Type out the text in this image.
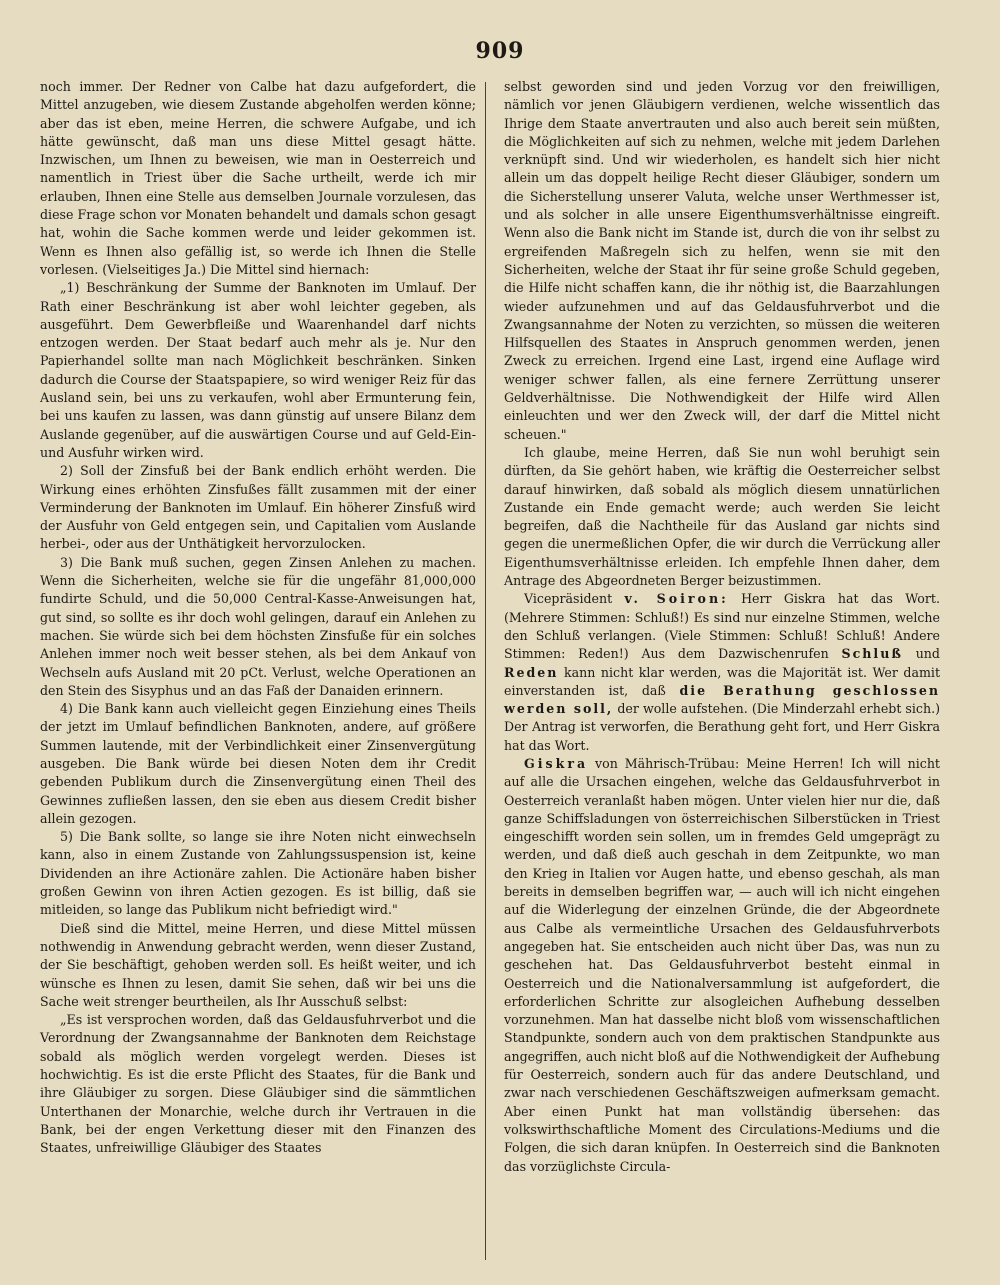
909

noch immer. Der Redner von Calbe hat dazu aufgefordert, die Mittel anzugeben, wie diesem Zustande abgeholfen werden könne; aber das ist eben, meine Herren, die schwere Aufgabe, und ich hätte gewünscht, daß man uns diese Mittel gesagt hätte. Inzwischen, um Ihnen zu beweisen, wie man in Oesterreich und namentlich in Triest über die Sache urtheilt, werde ich mir erlauben, Ihnen eine Stelle aus demselben Journale vorzulesen, das diese Frage schon vor Monaten behandelt und damals schon gesagt hat, wohin die Sache kommen werde und leider gekommen ist. Wenn es Ihnen also gefällig ist, so werde ich Ihnen die Stelle vorlesen. (Vielseitiges Ja.) Die Mittel sind hiernach:

„1) Beschränkung der Summe der Banknoten im Umlauf. Der Rath einer Beschränkung ist aber wohl leichter gegeben, als ausgeführt. Dem Gewerbfleiße und Waarenhandel darf nichts entzogen werden. Der Staat bedarf auch mehr als je. Nur den Papierhandel sollte man nach Möglichkeit beschränken. Sinken dadurch die Course der Staatspapiere, so wird weniger Reiz für das Ausland sein, bei uns zu verkaufen, wohl aber Ermunterung fein, bei uns kaufen zu lassen, was dann günstig auf unsere Bilanz dem Auslande gegenüber, auf die auswärtigen Course und auf Geld-Ein- und Ausfuhr wirken wird.

2) Soll der Zinsfuß bei der Bank endlich erhöht werden. Die Wirkung eines erhöhten Zinsfußes fällt zusammen mit der einer Verminderung der Banknoten im Umlauf. Ein höherer Zinsfuß wird der Ausfuhr von Geld entgegen sein, und Capitalien vom Auslande herbei-, oder aus der Unthätigkeit hervorzulocken.

3) Die Bank muß suchen, gegen Zinsen Anlehen zu machen. Wenn die Sicherheiten, welche sie für die ungefähr 81,000,000 fundirte Schuld, und die 50,000 Central-Kasse-Anweisungen hat, gut sind, so sollte es ihr doch wohl gelingen, darauf ein Anlehen zu machen. Sie würde sich bei dem höchsten Zinsfuße für ein solches Anlehen immer noch weit besser stehen, als bei dem Ankauf von Wechseln aufs Ausland mit 20 pCt. Verlust, welche Operationen an den Stein des Sisyphus und an das Faß der Danaiden erinnern.

4) Die Bank kann auch vielleicht gegen Einziehung eines Theils der jetzt im Umlauf befindlichen Banknoten, andere, auf größere Summen lautende, mit der Verbindlichkeit einer Zinsenvergütung ausgeben. Die Bank würde bei diesen Noten dem ihr Credit gebenden Publikum durch die Zinsenvergütung einen Theil des Gewinnes zufließen lassen, den sie eben aus diesem Credit bisher allein gezogen.

5) Die Bank sollte, so lange sie ihre Noten nicht einwechseln kann, also in einem Zustande von Zahlungssuspension ist, keine Dividenden an ihre Actionäre zahlen. Die Actionäre haben bisher großen Gewinn von ihren Actien gezogen. Es ist billig, daß sie mitleiden, so lange das Publikum nicht befriedigt wird."

Dieß sind die Mittel, meine Herren, und diese Mittel müssen nothwendig in Anwendung gebracht werden, wenn dieser Zustand, der Sie beschäftigt, gehoben werden soll. Es heißt weiter, und ich wünsche es Ihnen zu lesen, damit Sie sehen, daß wir bei uns die Sache weit strenger beurtheilen, als Ihr Ausschuß selbst:

„Es ist versprochen worden, daß das Geldausfuhrverbot und die Verordnung der Zwangsannahme der Banknoten dem Reichstage sobald als möglich werden vorgelegt werden. Dieses ist hochwichtig. Es ist die erste Pflicht des Staates, für die Bank und ihre Gläubiger zu sorgen. Diese Gläubiger sind die sämmtlichen Unterthanen der Monarchie, welche durch ihr Vertrauen in die Bank, bei der engen Verkettung dieser mit den Finanzen des Staates, unfreiwillige Gläubiger des Staates

selbst geworden sind und jeden Vorzug vor den freiwilligen, nämlich vor jenen Gläubigern verdienen, welche wissentlich das Ihrige dem Staate anvertrauten und also auch bereit sein müßten, die Möglichkeiten auf sich zu nehmen, welche mit jedem Darlehen verknüpft sind. Und wir wiederholen, es handelt sich hier nicht allein um das doppelt heilige Recht dieser Gläubiger, sondern um die Sicherstellung unserer Valuta, welche unser Werthmesser ist, und als solcher in alle unsere Eigenthumsverhältnisse eingreift. Wenn also die Bank nicht im Stande ist, durch die von ihr selbst zu ergreifenden Maßregeln sich zu helfen, wenn sie mit den Sicherheiten, welche der Staat ihr für seine große Schuld gegeben, die Hilfe nicht schaffen kann, die ihr nöthig ist, die Baarzahlungen wieder aufzunehmen und auf das Geldausfuhrverbot und die Zwangsannahme der Noten zu verzichten, so müssen die weiteren Hilfsquellen des Staates in Anspruch genommen werden, jenen Zweck zu erreichen. Irgend eine Last, irgend eine Auflage wird weniger schwer fallen, als eine fernere Zerrüttung unserer Geldverhältnisse. Die Nothwendigkeit der Hilfe wird Allen einleuchten und wer den Zweck will, der darf die Mittel nicht scheuen."

Ich glaube, meine Herren, daß Sie nun wohl beruhigt sein dürften, da Sie gehört haben, wie kräftig die Oesterreicher selbst darauf hinwirken, daß sobald als möglich diesem unnatürlichen Zustande ein Ende gemacht werde; auch werden Sie leicht begreifen, daß die Nachtheile für das Ausland gar nichts sind gegen die unermeßlichen Opfer, die wir durch die Verrückung aller Eigenthumsverhältnisse erleiden. Ich empfehle Ihnen daher, dem Antrage des Abgeordneten Berger beizustimmen.

Vicepräsident v. Soiron: Herr Giskra hat das Wort. (Mehrere Stimmen: Schluß!) Es sind nur einzelne Stimmen, welche den Schluß verlangen. (Viele Stimmen: Schluß! Schluß! Andere Stimmen: Reden!) Aus dem Dazwischenrufen Schluß und Reden kann nicht klar werden, was die Majorität ist. Wer damit einverstanden ist, daß die Berathung geschlossen werden soll, der wolle aufstehen. (Die Minderzahl erhebt sich.) Der Antrag ist verworfen, die Berathung geht fort, und Herr Giskra hat das Wort.

Giskra von Mährisch-Trübau: Meine Herren! Ich will nicht auf alle die Ursachen eingehen, welche das Geldausfuhrverbot in Oesterreich veranlaßt haben mögen. Unter vielen hier nur die, daß ganze Schiffsladungen von österreichischen Silberstücken in Triest eingeschifft worden sein sollen, um in fremdes Geld umgeprägt zu werden, und daß dieß auch geschah in dem Zeitpunkte, wo man den Krieg in Italien vor Augen hatte, und ebenso geschah, als man bereits in demselben begriffen war, — auch will ich nicht eingehen auf die Widerlegung der einzelnen Gründe, die der Abgeordnete aus Calbe als vermeintliche Ursachen des Geldausfuhrverbots angegeben hat. Sie entscheiden auch nicht über Das, was nun zu geschehen hat. Das Geldausfuhrverbot besteht einmal in Oesterreich und die Nationalversammlung ist aufgefordert, die erforderlichen Schritte zur alsogleichen Aufhebung desselben vorzunehmen. Man hat dasselbe nicht bloß vom wissenschaftlichen Standpunkte, sondern auch von dem praktischen Standpunkte aus angegriffen, auch nicht bloß auf die Nothwendigkeit der Aufhebung für Oesterreich, sondern auch für das andere Deutschland, und zwar nach verschiedenen Geschäftszweigen aufmerksam gemacht. Aber einen Punkt hat man vollständig übersehen: das volkswirthschaftliche Moment des Circulations-Mediums und die Folgen, die sich daran knüpfen. In Oesterreich sind die Banknoten das vorzüglichste Circula-
